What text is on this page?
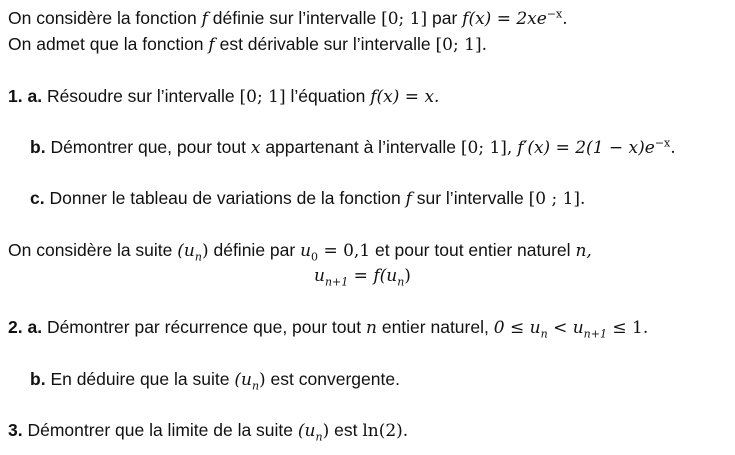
On considère la fonction f définie sur l’intervalle [0; 1] par $f(x) = 2xe^{-x}$.
On admet que la fonction f est dérivable sur l’intervalle [0; 1].
1. a. Résoudre sur l’intervalle [0; 1] l’équation f(x) = x.
b. Démontrer que, pour tout x appartenant à l’intervalle [0; 1], $f'(x) = 2(1 - x)e^{-x}$.
c. Donner le tableau de variations de la fonction f sur l’intervalle [0 ; 1].
On considère la suite $(u_n)$ définie par $u_0 = 0,1$ et pour tout entier naturel n,
$u_{n+1} = f(u_n)$
2. a. Démontrer par récurrence que, pour tout n entier naturel, $0 \le u_n < u_{n+1} \le 1$.
b. En déduire que la suite $(u_n)$ est convergente.
3. Démontrer que la limite de la suite $(u_n)$ est ln(2).
